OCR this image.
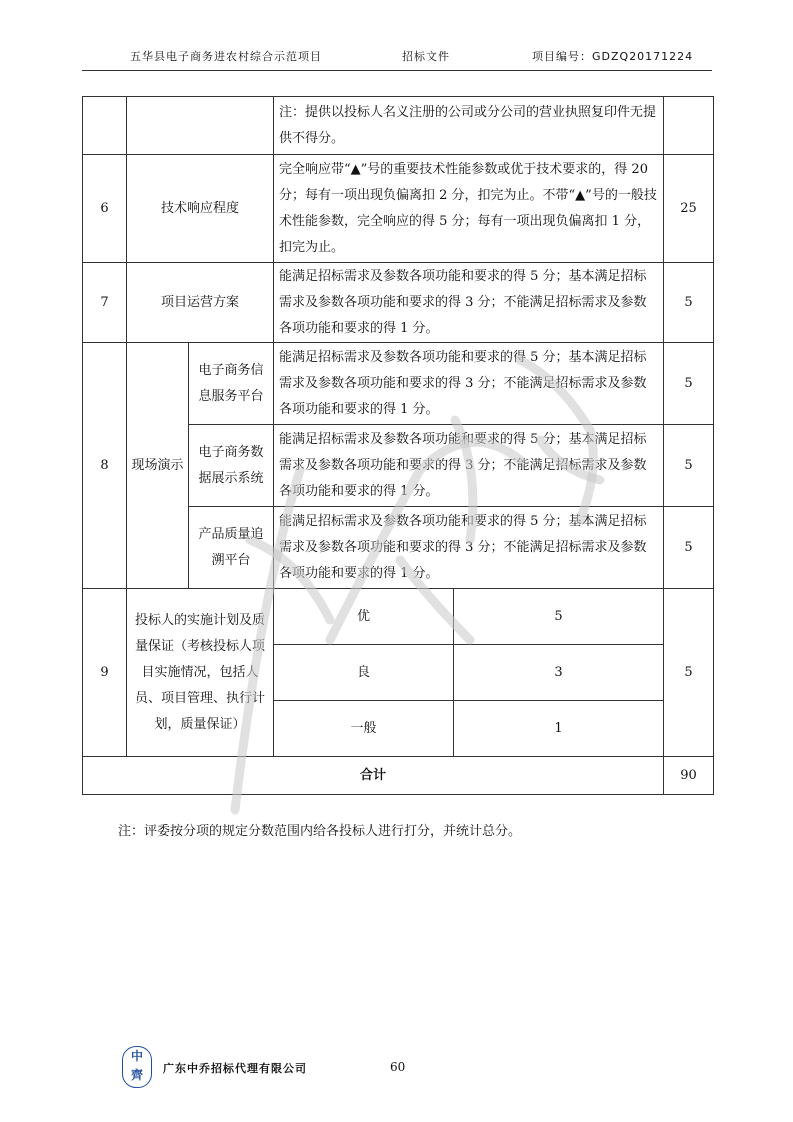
五华县电子商务进农村综合示范项目	招标文件	项目编号：GDZQ20171224
			注：提供以投标人名义注册的公司或分公司的营业执照复印件无提供不得分。		
6	技术响应程度		完全响应带“▲”号的重要技术性能参数或优于技术要求的，得 20 分；每有一项出现负偏离扣 2 分，扣完为止。不带“▲”号的一般技术性能参数，完全响应的得 5 分；每有一项出现负偏离扣 1 分，扣完为止。		25
7	项目运营方案		能满足招标需求及参数各项功能和要求的得 5 分；基本满足招标需求及参数各项功能和要求的得 3 分；不能满足招标需求及参数各项功能和要求的得 1 分。		5
8	现场演示	电子商务信息服务平台	能满足招标需求及参数各项功能和要求的得 5 分；基本满足招标需求及参数各项功能和要求的得 3 分；不能满足招标需求及参数各项功能和要求的得 1 分。		5
		电子商务数据展示系统	能满足招标需求及参数各项功能和要求的得 5 分；基本满足招标需求及参数各项功能和要求的得 3 分；不能满足招标需求及参数各项功能和要求的得 1 分。		5
		产品质量追溯平台	能满足招标需求及参数各项功能和要求的得 5 分；基本满足招标需求及参数各项功能和要求的得 3 分；不能满足招标需求及参数各项功能和要求的得 1 分。		5
9	投标人的实施计划及质量保证（考核投标人项目实施情况，包括人员、项目管理、执行计划，质量保证）		优	5	5
			良	3	
			一般	1	
合计					90
注：评委按分项的规定分数范围内给各投标人进行打分，并统计总分。
中 齊	广东中乔招标代理有限公司	60
